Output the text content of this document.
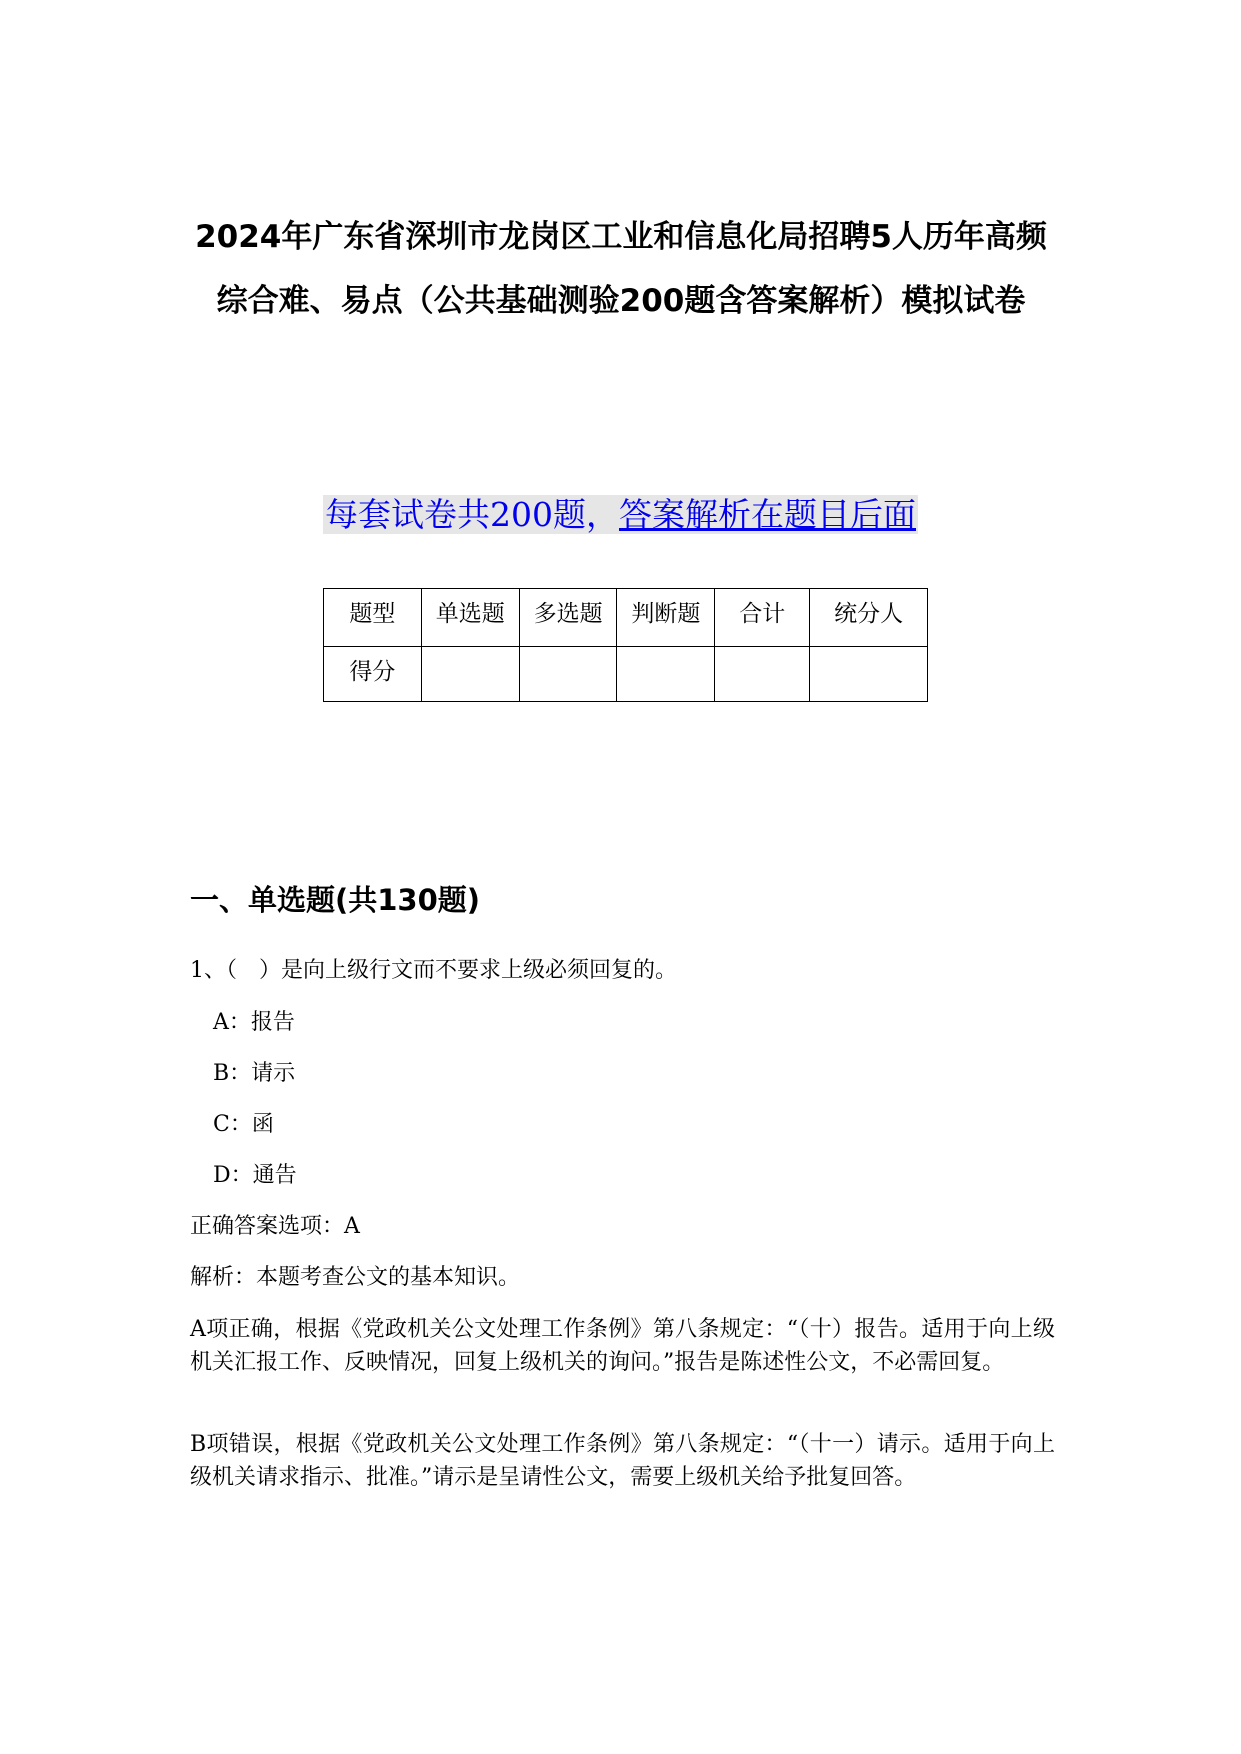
2024年广东省深圳市龙岗区工业和信息化局招聘5人历年高频综合难、易点（公共基础测验200题含答案解析）模拟试卷
每套试卷共200题，答案解析在题目后面
题型	单选题	多选题	判断题	合计	统分人
得分					
一、单选题(共130题)
1、（　）是向上级行文而不要求上级必须回复的。
A：报告
B：请示
C：函
D：通告
正确答案选项：A
解析：本题考查公文的基本知识。
A项正确，根据《党政机关公文处理工作条例》第八条规定：“（十）报告。适用于向上级机关汇报工作、反映情况，回复上级机关的询问。”报告是陈述性公文，不必需回复。
B项错误，根据《党政机关公文处理工作条例》第八条规定：“（十一）请示。适用于向上级机关请求指示、批准。”请示是呈请性公文，需要上级机关给予批复回答。
